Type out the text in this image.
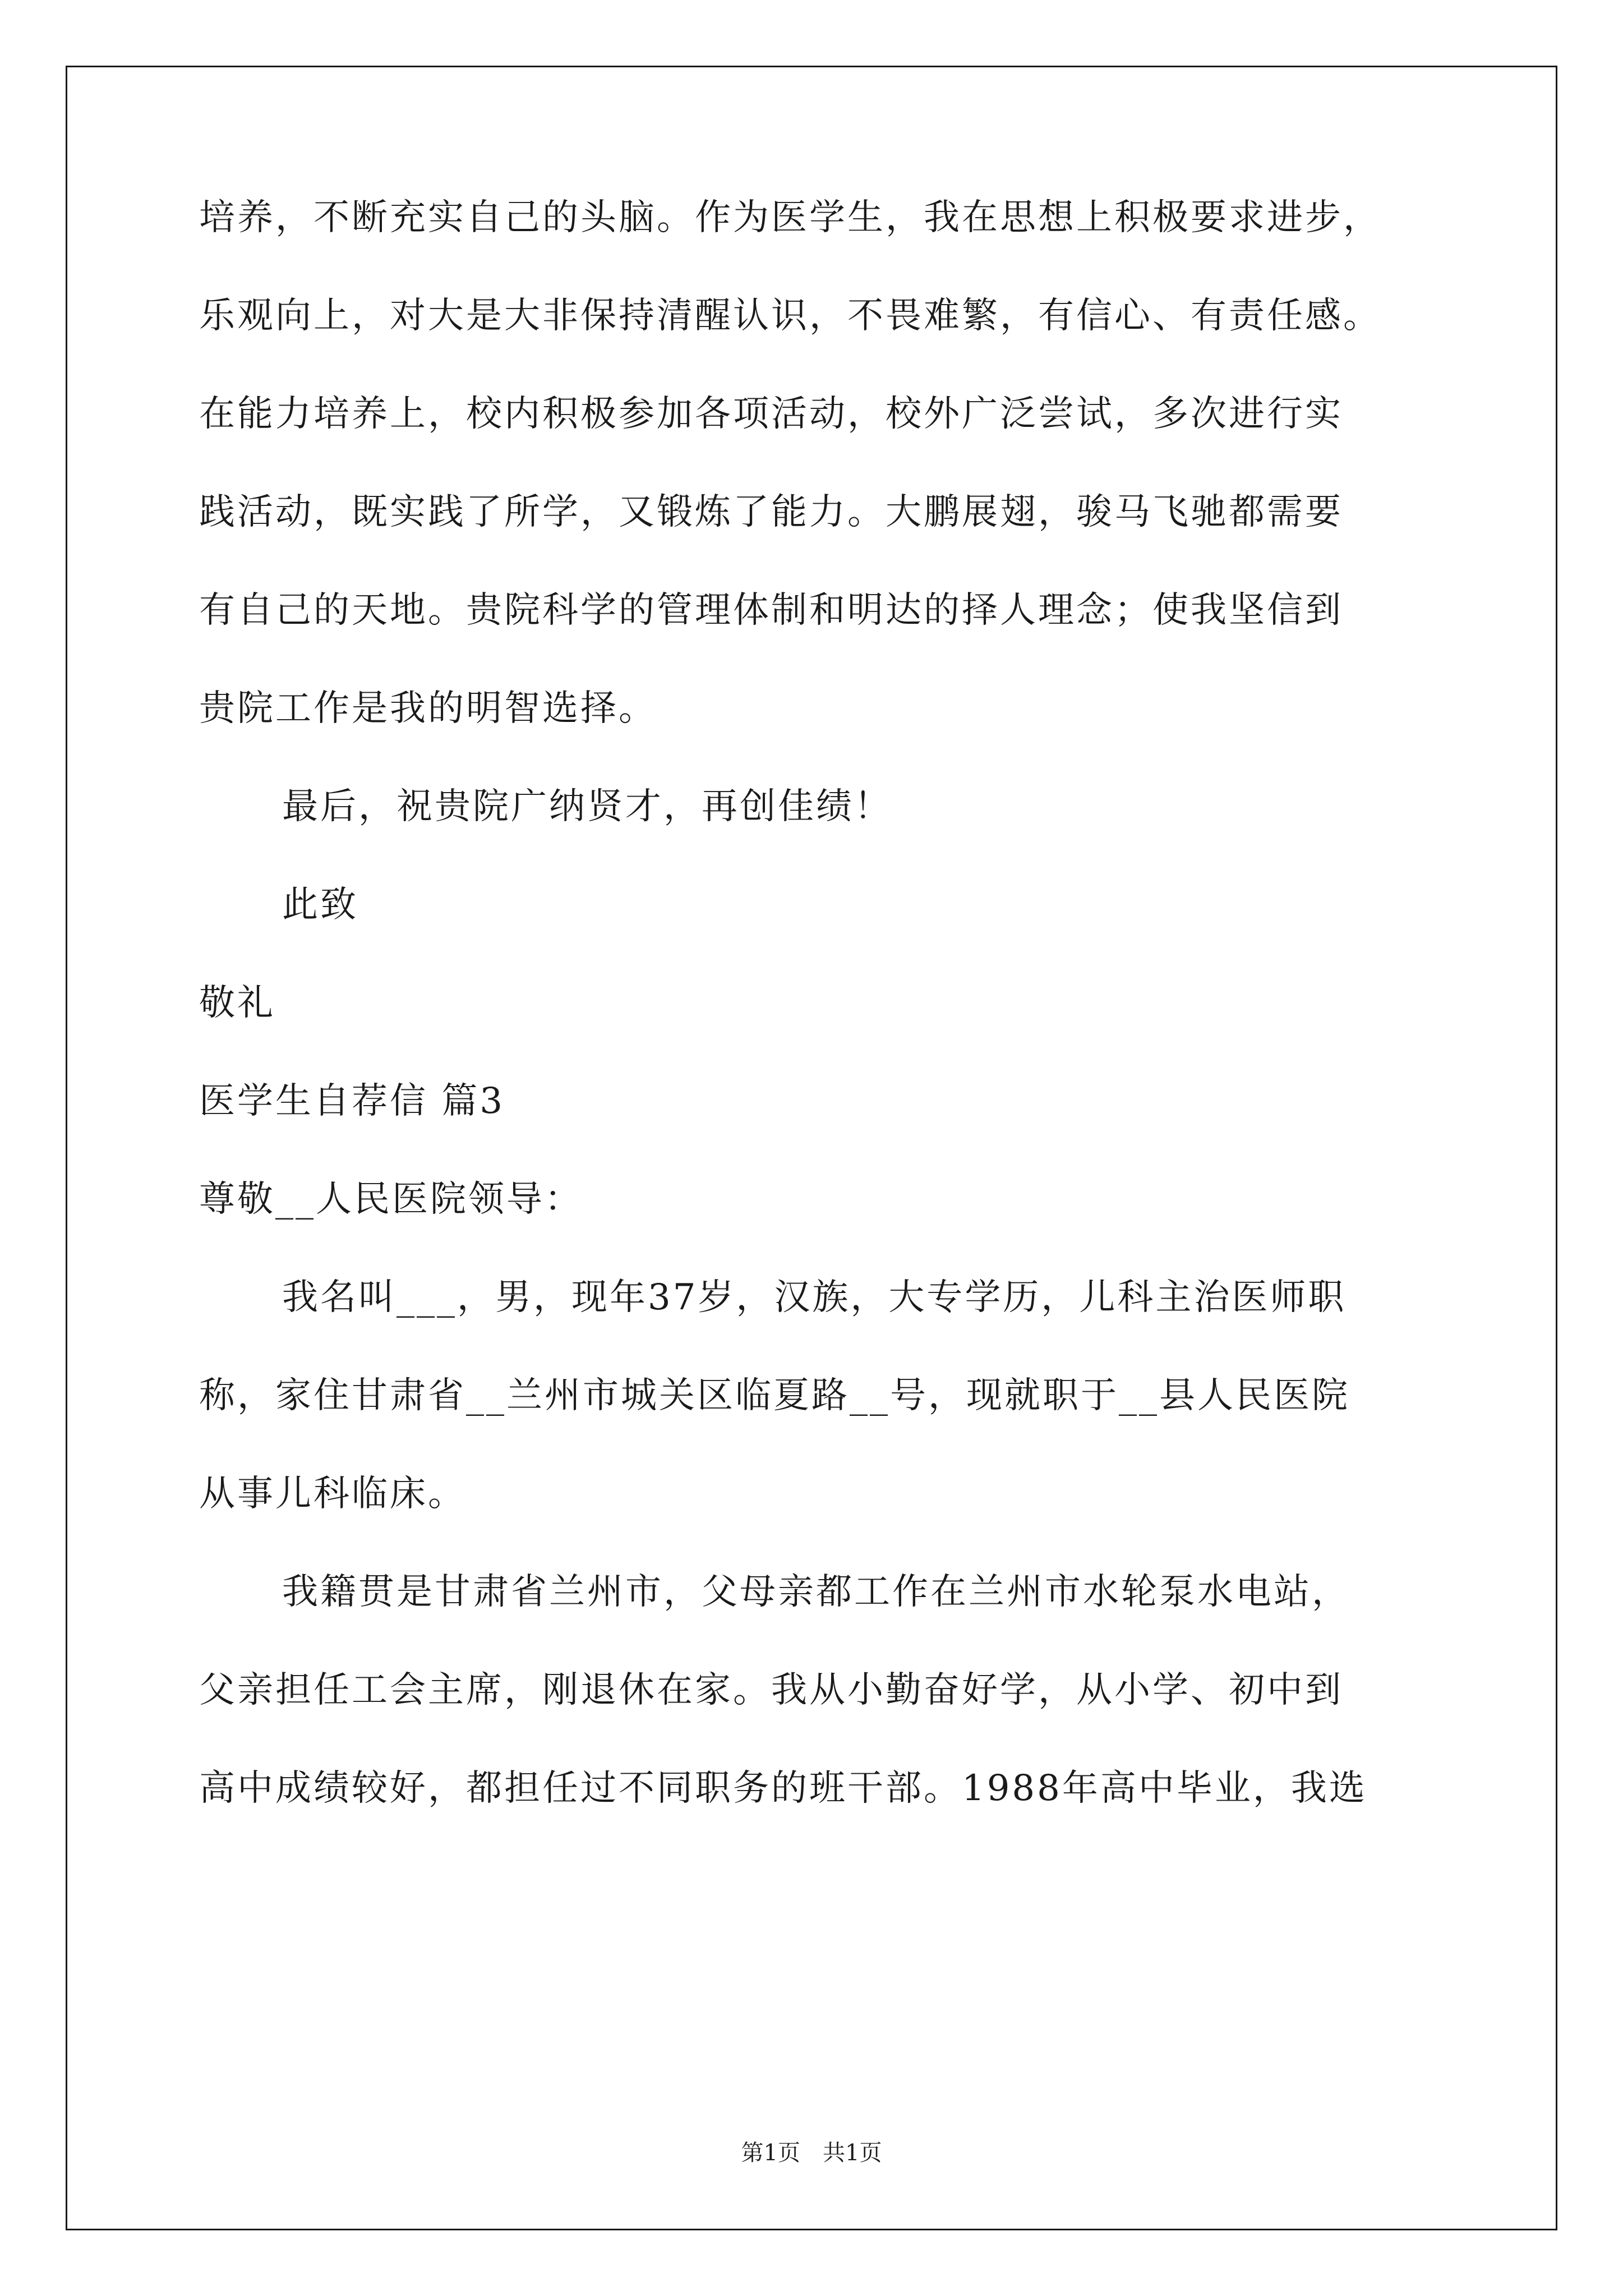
培养，不断充实自己的头脑。作为医学生，我在思想上积极要求进步，
乐观向上，对大是大非保持清醒认识，不畏难繁，有信心、有责任感。
在能力培养上，校内积极参加各项活动，校外广泛尝试，多次进行实
践活动，既实践了所学，又锻炼了能力。大鹏展翅，骏马飞驰都需要
有自己的天地。贵院科学的管理体制和明达的择人理念；使我坚信到
贵院工作是我的明智选择。
最后，祝贵院广纳贤才，再创佳绩！
此致
敬礼
医学生自荐信 篇3
尊敬__人民医院领导：
我名叫___，男，现年37岁，汉族，大专学历，儿科主治医师职
称，家住甘肃省__兰州市城关区临夏路__号，现就职于__县人民医院
从事儿科临床。
我籍贯是甘肃省兰州市，父母亲都工作在兰州市水轮泵水电站，
父亲担任工会主席，刚退休在家。我从小勤奋好学，从小学、初中到
高中成绩较好，都担任过不同职务的班干部。1988年高中毕业，我选
第1页　共1页
